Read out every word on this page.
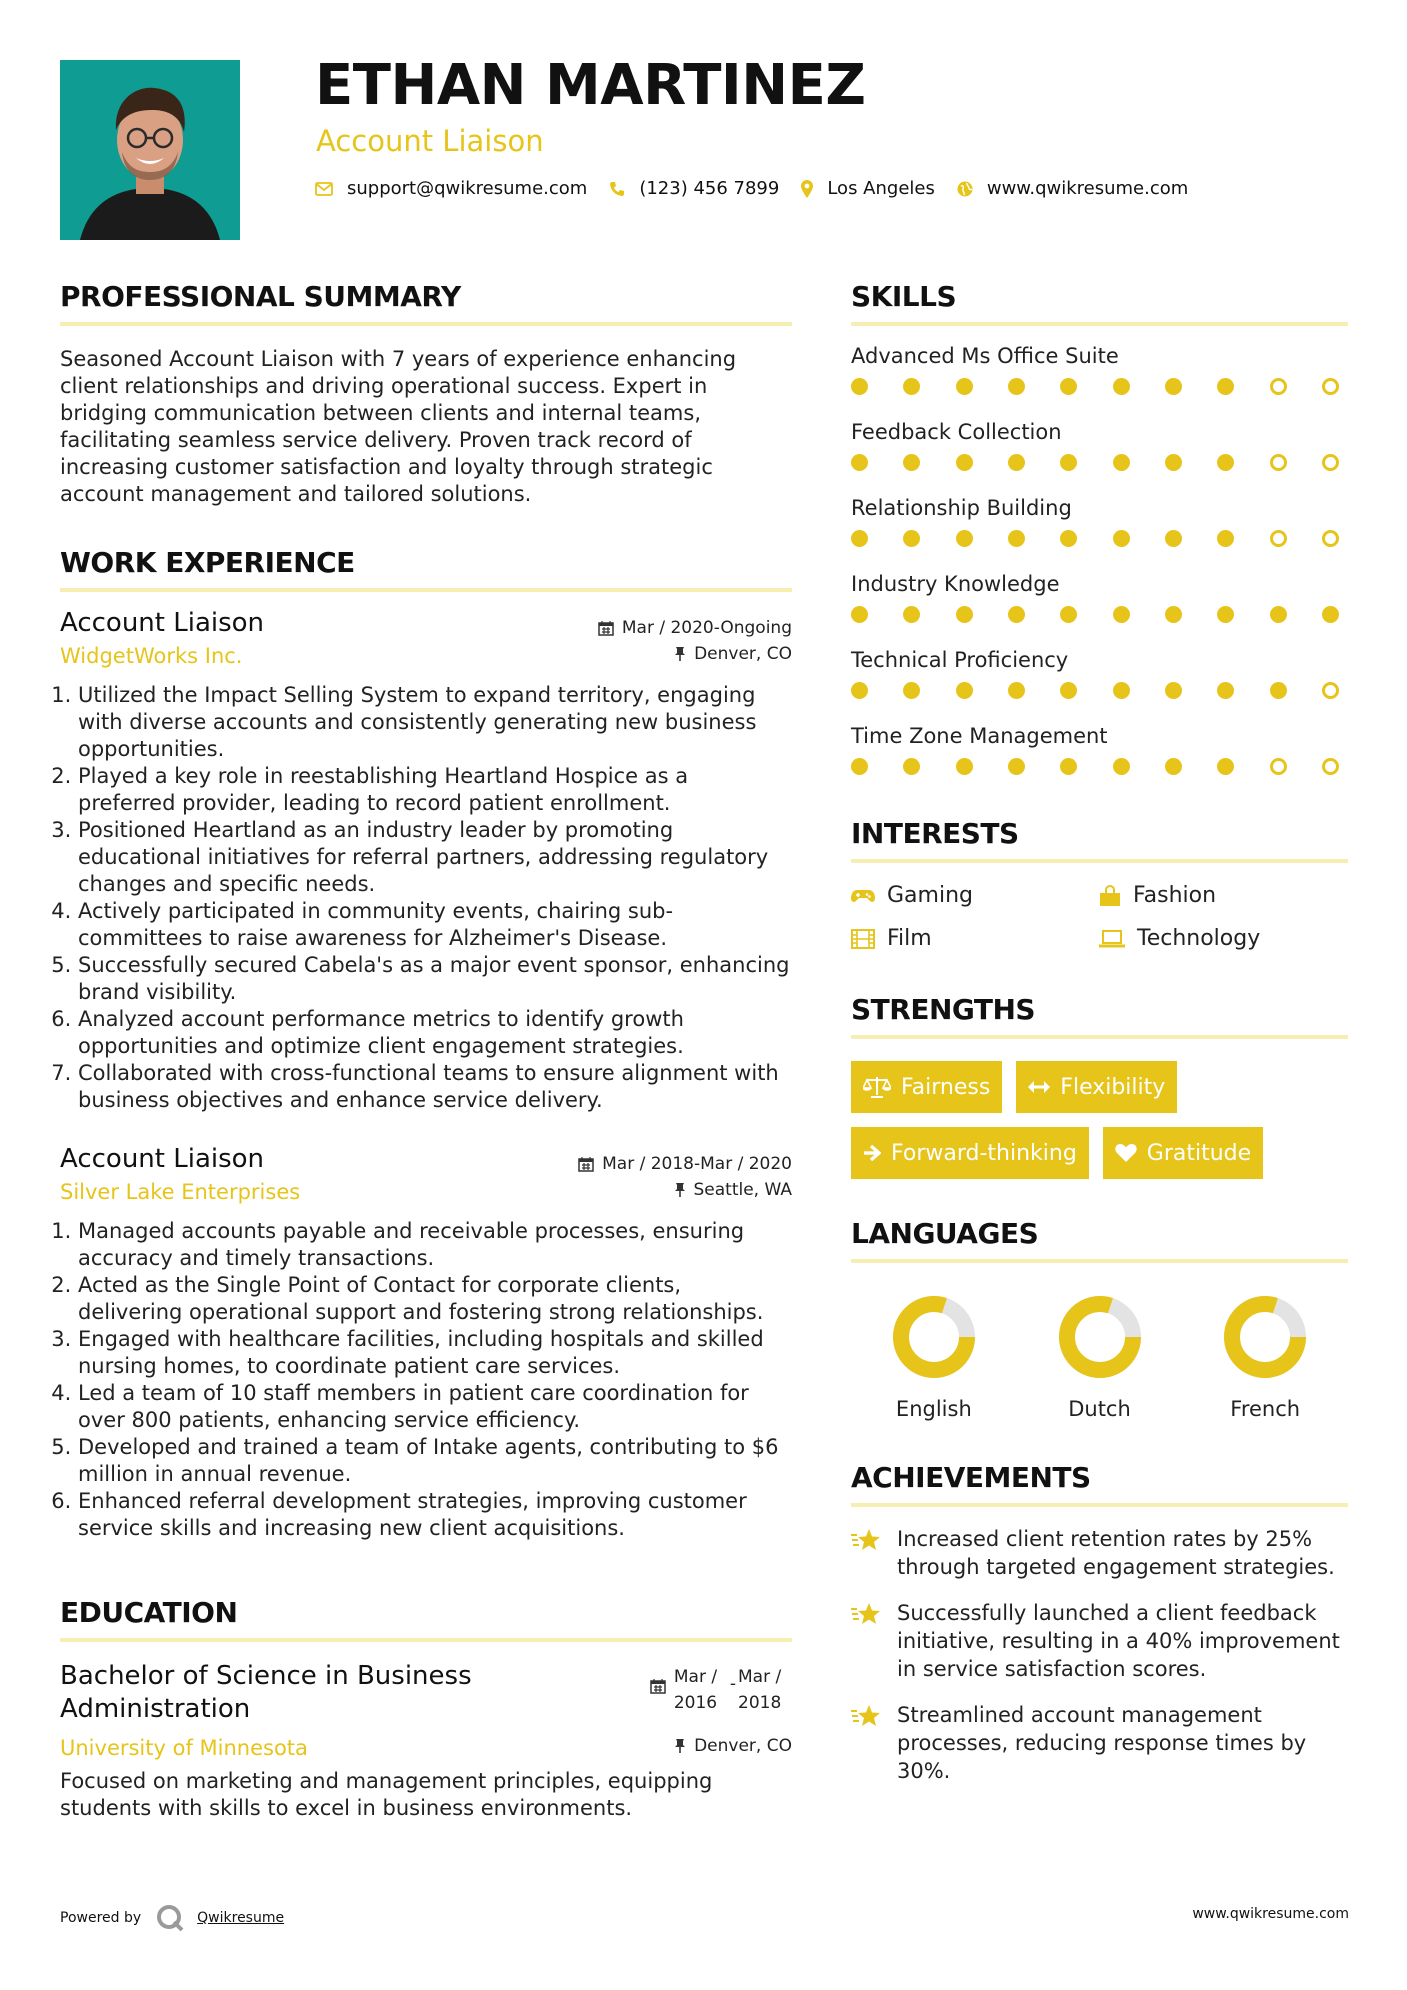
ETHAN MARTINEZ
Account Liaison
support@qwikresume.com	(123) 456 7899	Los Angeles	www.qwikresume.com
PROFESSIONAL SUMMARY
Seasoned Account Liaison with 7 years of experience enhancing client relationships and driving operational success. Expert in bridging communication between clients and internal teams, facilitating seamless service delivery. Proven track record of increasing customer satisfaction and loyalty through strategic account management and tailored solutions.
WORK EXPERIENCE
Account Liaison	Mar / 2020-Ongoing
WidgetWorks Inc.	Denver, CO
1. Utilized the Impact Selling System to expand territory, engaging with diverse accounts and consistently generating new business opportunities.
2. Played a key role in reestablishing Heartland Hospice as a preferred provider, leading to record patient enrollment.
3. Positioned Heartland as an industry leader by promoting educational initiatives for referral partners, addressing regulatory changes and specific needs.
4. Actively participated in community events, chairing sub-committees to raise awareness for Alzheimer's Disease.
5. Successfully secured Cabela's as a major event sponsor, enhancing brand visibility.
6. Analyzed account performance metrics to identify growth opportunities and optimize client engagement strategies.
7. Collaborated with cross-functional teams to ensure alignment with business objectives and enhance service delivery.
Account Liaison	Mar / 2018-Mar / 2020
Silver Lake Enterprises	Seattle, WA
1. Managed accounts payable and receivable processes, ensuring accuracy and timely transactions.
2. Acted as the Single Point of Contact for corporate clients, delivering operational support and fostering strong relationships.
3. Engaged with healthcare facilities, including hospitals and skilled nursing homes, to coordinate patient care services.
4. Led a team of 10 staff members in patient care coordination for over 800 patients, enhancing service efficiency.
5. Developed and trained a team of Intake agents, contributing to $6 million in annual revenue.
6. Enhanced referral development strategies, improving customer service skills and increasing new client acquisitions.
EDUCATION
Bachelor of Science in Business Administration
Mar / 2016
- Mar / 2018
University of Minnesota	Denver, CO
Focused on marketing and management principles, equipping students with skills to excel in business environments.
SKILLS
Advanced Ms Office Suite
Feedback Collection
Relationship Building
Industry Knowledge
Technical Proficiency
Time Zone Management
INTERESTS
Gaming	Fashion
Film	Technology
STRENGTHS
Fairness	Flexibility
Forward-thinking	Gratitude
LANGUAGES
English	Dutch	French
ACHIEVEMENTS
Increased client retention rates by 25% through targeted engagement strategies.
Successfully launched a client feedback initiative, resulting in a 40% improvement in service satisfaction scores.
Streamlined account management processes, reducing response times by 30%.
Powered by	Qwikresume	www.qwikresume.com
